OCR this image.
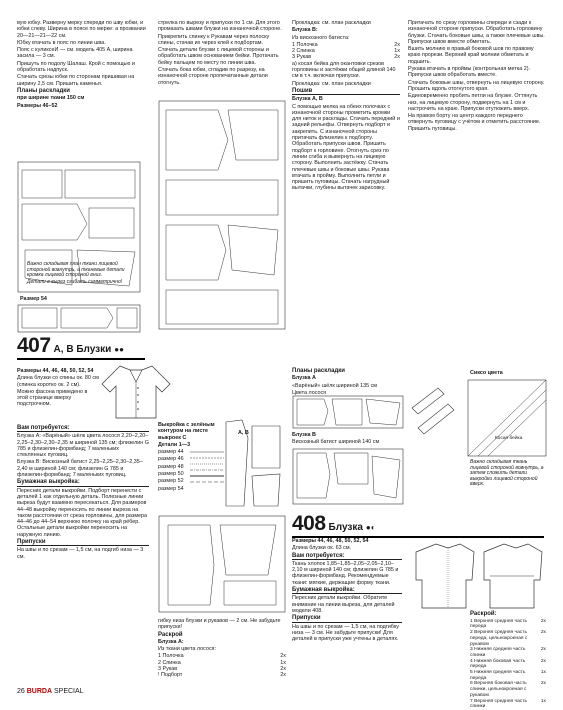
вую юбку. Разверну мерку спереди по шву юбки, и юбки слеву. Ширина в поясе по мерке: а прозвании 20—21—21—22 см.

Юбку втачать в пояс по линии шва.

Пояс с куликсеИ — см. модель 405 А, ширина засила — 3 см.

Пришуть по подолу Шалаш. Крой с помощью и обработать надпуск.

Стачать срезы юбки по сторонам пришивая на ширину 2,5 см. Пришить каменья.

Планы раскладки

при ширине ткани 150 см

Размеры 46–52

Важно складывая план ткани лицевой стороной вовнутрь, а тканевые детали кромка лицевой стороной вниз.
Детали в вырез сгибать симметрично!
Размер 54
407 А, В Блузки ●●

Размеры 44, 46, 48, 50, 52, 54

Длина блузки со спины ок. 80 см (спинка коротко ок. 2 см).

Можно фасона приведено в этой странице вверху подстрочном.

Вам потребуется:

Блузка А: «Варёный» шёлк цвета лосося 2,20–2,20–2,25–2,30–2,30–2,35 м шириной 135 см; флизелин G 785 и флизелин-формбанд; 7 маленьких стеклянных пуговиц.

Блузка В: Вискозный батист 2,25–2,25–2,30–2,35–2,40 м шириной 140 см; флизелин G 785 и флизелин-формбанд; 7 маленьких пуговиц.

Бумажная выкройка:

Пересних детали выкройки. Подборт перенести с деталей 1 как отдельную деталь. Полезные линии выреза будут взаимно пересекаться. Для размеров 44–48 выкройку переносить по линии выреза на таком расстоянии от среза горловины, для размера 44–46 до 44–54 верхнюю полочку на край рёбер. Остальные детали выкройки переносить на наружную линию.

Припуски

На швы и по срезам — 1,5 см, на подгиб низа — 3 см.

стрелка по вырезу и припуски по 1 см. Для этого промазать швами блузки на изнаночной стороне.

Прикрепить спинку к Рукавам через полоску спины, стачав их через клей к подбортам.

Стачать детали блузки с лицевой стороны и обработать швом основанием бейки. Протачать бейку пальцем по месту по линии шва.

Стачать бока юбки, сгладив по разрезу, на изнаночной стороне пропечатанные детали отогнуть.

Выкройка с зелёным контуром на листе выкроек С

Детали 1—3

размер 44

размер 46

размер 48

размер 50

размер 52

размер 54

А, В

гибку низа блузки и рукавов — 2 см. Не забудьте припуски!

Раскрой

Блузка А:

Из ткани цвета лосося:

1 Полочка	2х
2 Спинка	1х
3 Рукав	2х
! Подборт	2х

Прокладка: см. план раскладки

Блузка В:

Из вискозного батиста:

1 Полочка	2х
2 Спинка	1х
3 Рукав	2х

а) косая бейка для окантовки срезов горловины и застёжки общей длиной 140 см в т.ч. включая припуски.

Прокладка: см. план раскладки

Пошив

Блузка А, В

С помощью мелка на обеих полочках с изнаночной стороны прометить кромки для ниток и расклады. Стачать передний и задний рельефы. Отвернуть подборт и закрепить. С изнаночной стороны притачать флизелин к подборту. Обработать припуски швов. Пришить подборт к горловине. Отогнуть срез по линии сгиба и вывернуть на лицевую сторону. Выполнить застёжку. Стачать плечевые швы и боковые швы. Рукава втачать в пройму. Выполнить петли и пришить пуговицы. Стачать нагрудный вытачки, глубины вытачек зарисовку.

Планы раскладки

Блузка А

«Варёный» шёлк шириной 135 см

Цвета лосося

Блузка В

Вискозный батист шириной 140 см

408 Блузка ●◐

Размеры 44, 46, 48, 50, 52, 54

Длина блузки ок. 63 см.

Вам потребуется:

Ткань хлопок 1,85–1,85–2,05–2,05–2,10–2,10 м шириной 140 см; флизелин G 785 и флизелин-формбанд. Рекомендуемые ткани: мягкие, держащие форму ткани.

Бумажная выкройка:

Пересних детали выкройки. Обратите внимание на линии выреза, для деталей модели 408.

Припуски

На швы и по срезам — 1,5 см, на подгибку низа — 3 см. Не забудьте припуски! Для деталей в припуски уже учтены в деталях.

Притачать по срезу горловины спереди и сзади к изнаночной стороне припуски. Обработать горловину блузки. Стачать боковые швы, а также плечевые швы. Припуски швов вместе обметать.

Вшить молнию в правый боковой шов по правому краю прорези. Верхний край молнии обметать и подшить.

Рукава втачать в проймы (контрольная метка 2). Припуски швов обработать вместе.

Стачать боковые швы, отвернуть на лицевую сторону. Прошить вдоль отогнутого края.

Единовременно пробить петли на блузке. Оттянуть низ, на лицевую сторону, подвернуть на 1 см и настрочить на краю. Припуски отутюжить вверх.

На правом борту на центр каждого переднего отвернуть пуговицу с учётом и отметить расстояние. Пришить пуговицы.

Сиксо цвета
Косая бейка
Важно складывая ткань лицевой стороной вовнутрь, а затем сложить детали выкройки лицевой стороной вверх.

Раскрой:

1 Верхняя средняя часть переда
2х
2 Верхняя средняя часть переда, цельнокроеная с рукавом
2х
3 Нижняя средняя часть спинки
2х
4 Нижняя боковая часть переда
2х
5 Нижняя средняя часть переда
1х
6 Верхняя боковая часть спинки, цельнокроеная с рукавом
2х
7 Верхняя средняя часть спинки
1х
26 BURDA SPECIAL
